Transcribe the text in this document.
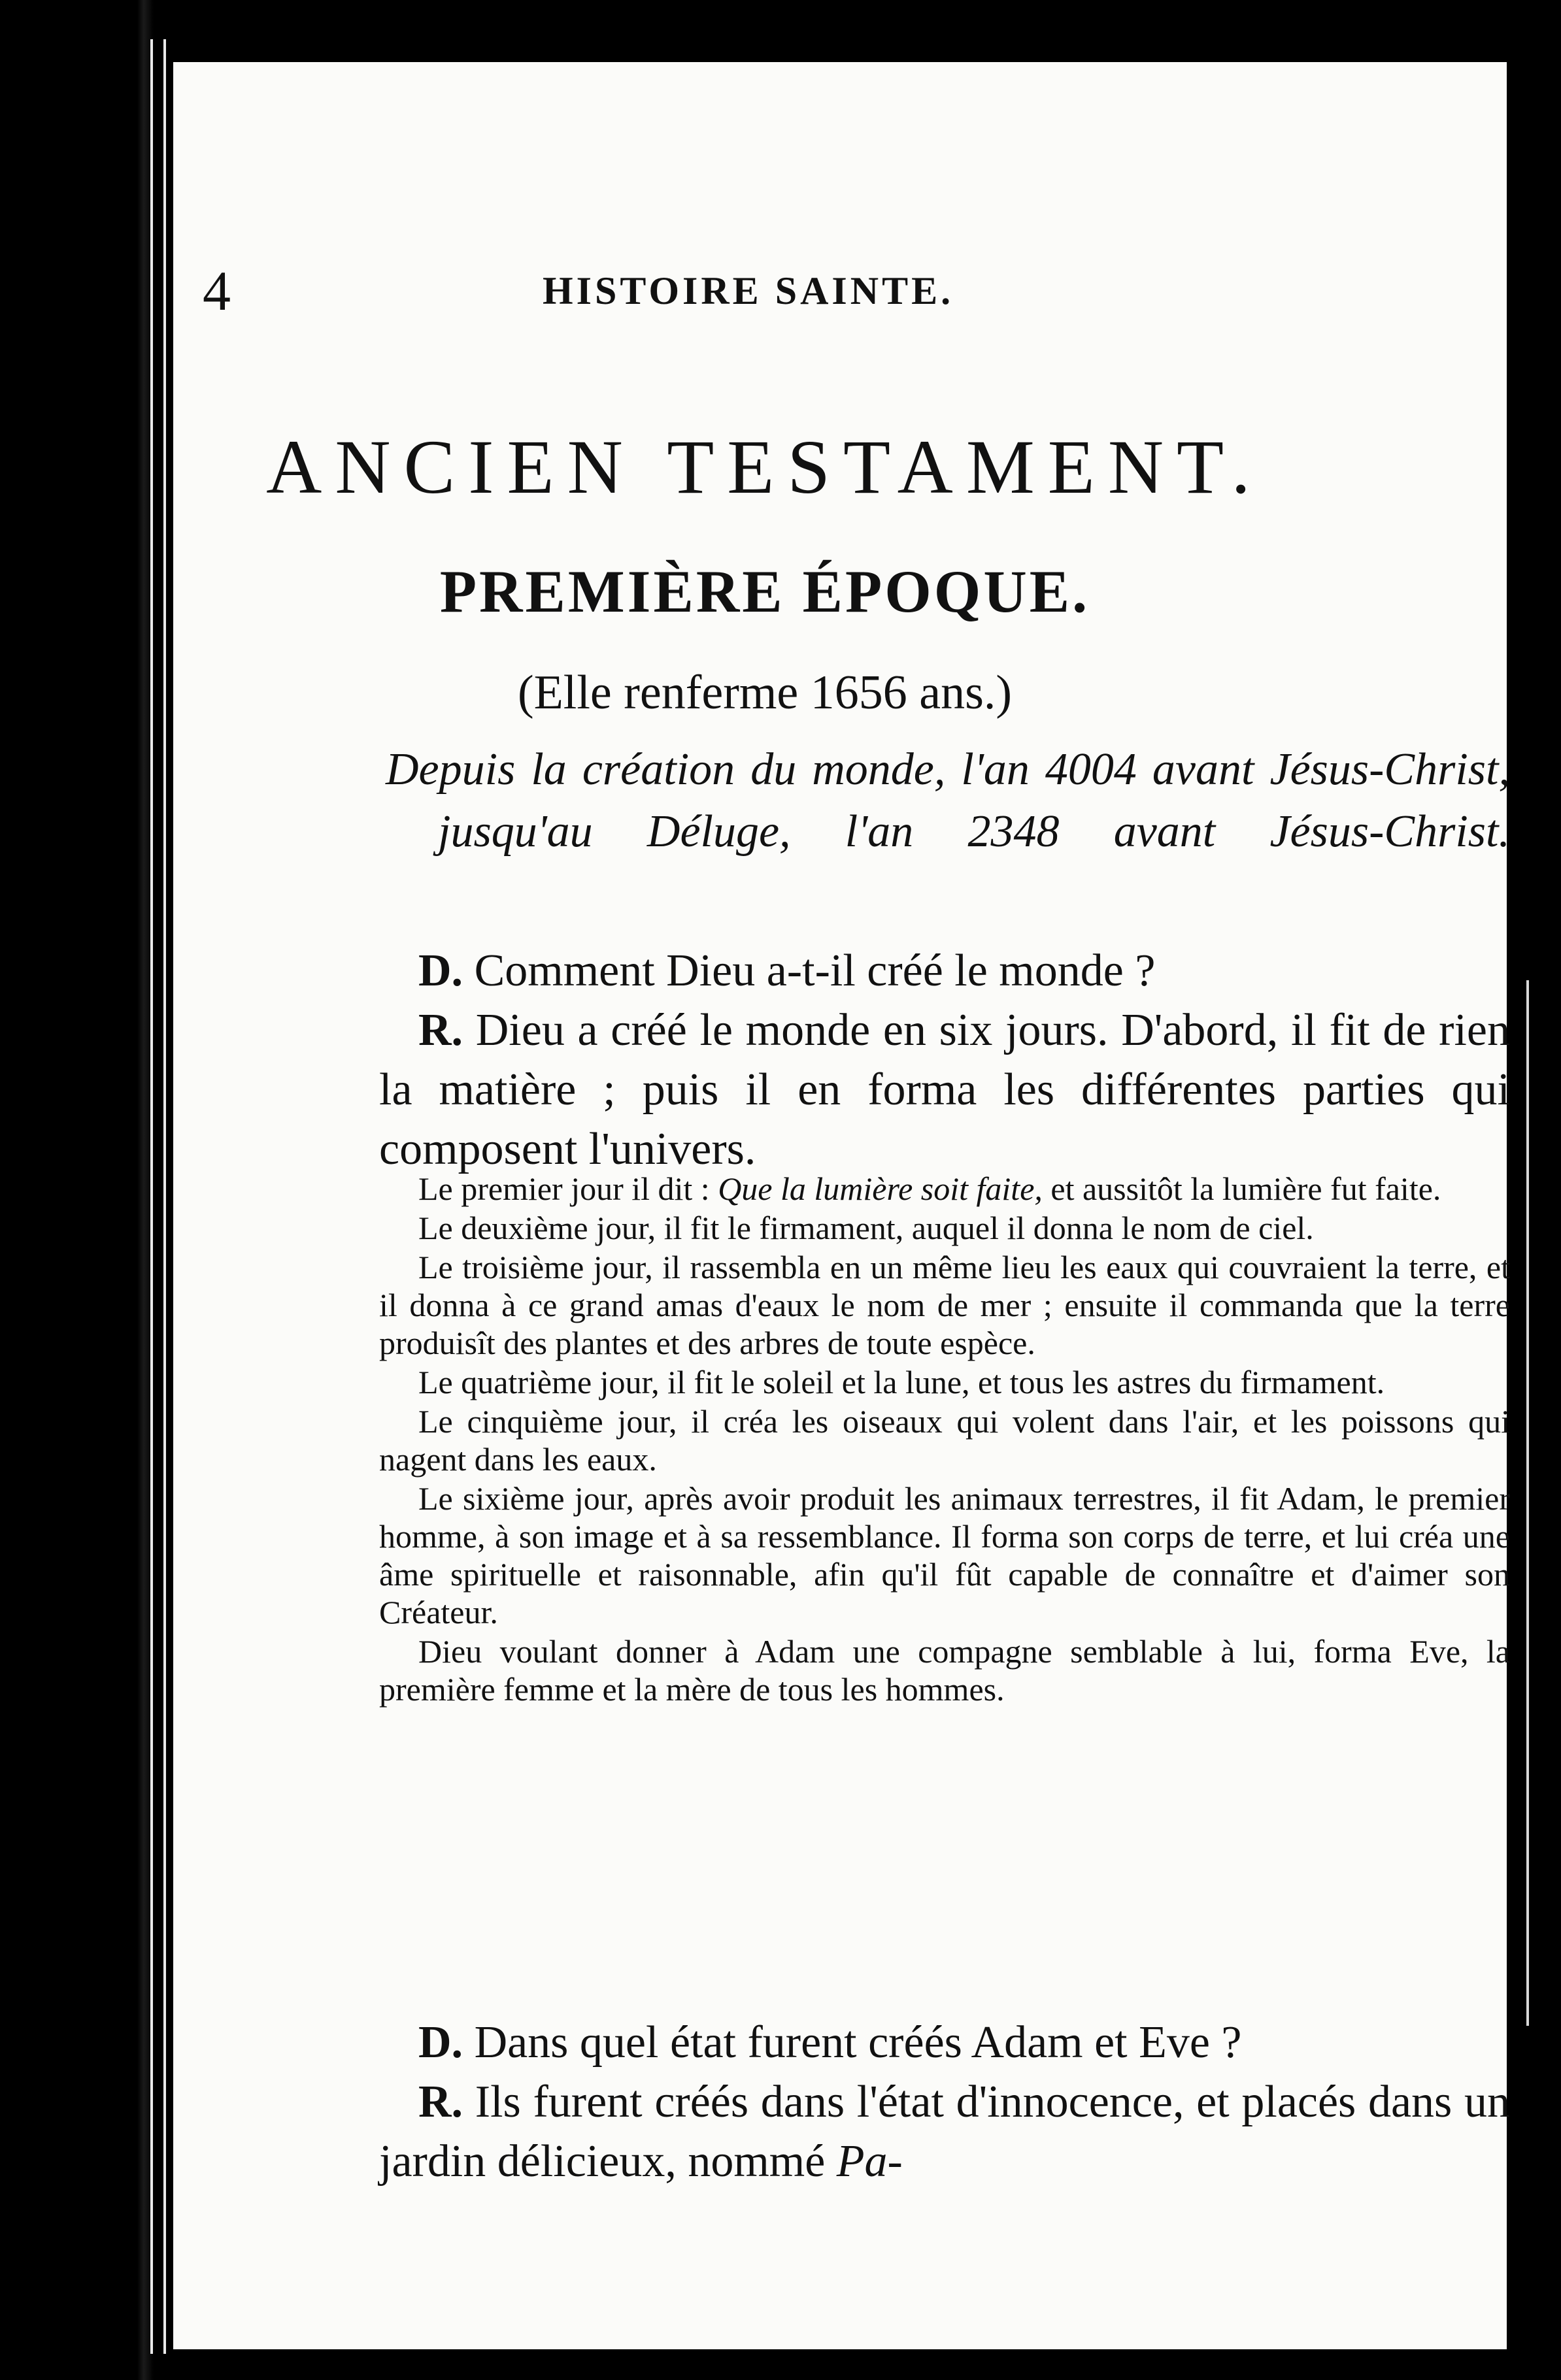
4	HISTOIRE SAINTE.
ANCIEN TESTAMENT.
PREMIÈRE ÉPOQUE.
(Elle renferme 1656 ans.)

Depuis la création du monde, l'an 4004 avant Jésus-Christ, jusqu'au Déluge, l'an 2348 avant Jésus-Christ.

D. Comment Dieu a-t-il créé le monde ?

R. Dieu a créé le monde en six jours. D'abord, il fit de rien la matière ; puis il en forma les différentes parties qui composent l'univers.

Le premier jour il dit : Que la lumière soit faite, et aussitôt la lumière fut faite.

Le deuxième jour, il fit le firmament, auquel il donna le nom de ciel.

Le troisième jour, il rassembla en un même lieu les eaux qui couvraient la terre, et il donna à ce grand amas d'eaux le nom de mer ; ensuite il commanda que la terre produisît des plantes et des arbres de toute espèce.

Le quatrième jour, il fit le soleil et la lune, et tous les astres du firmament.

Le cinquième jour, il créa les oiseaux qui volent dans l'air, et les poissons qui nagent dans les eaux.

Le sixième jour, après avoir produit les animaux terrestres, il fit Adam, le premier homme, à son image et à sa ressemblance. Il forma son corps de terre, et lui créa une âme spirituelle et raisonnable, afin qu'il fût capable de connaître et d'aimer son Créateur.

Dieu voulant donner à Adam une compagne semblable à lui, forma Eve, la première femme et la mère de tous les hommes.

D. Dans quel état furent créés Adam et Eve ?

R. Ils furent créés dans l'état d'innocence, et placés dans un jardin délicieux, nommé Pa-
